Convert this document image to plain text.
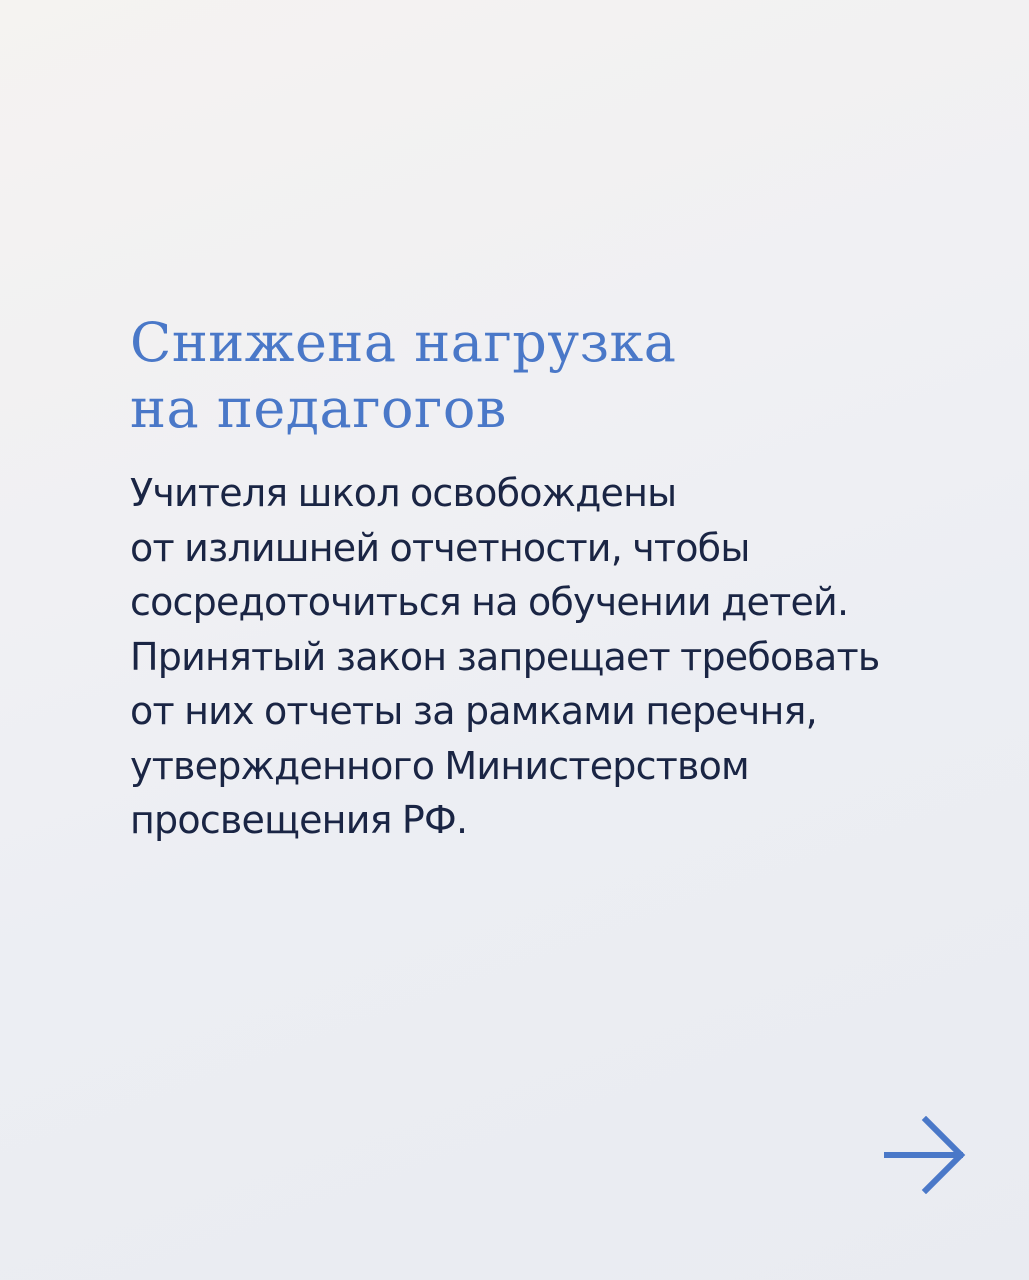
Снижена нагрузка
на педагогов

Учителя школ освобождены
от излишней отчетности, чтобы
сосредоточиться на обучении детей.
Принятый закон запрещает требовать
от них отчеты за рамками перечня,
утвержденного Министерством
просвещения РФ.
